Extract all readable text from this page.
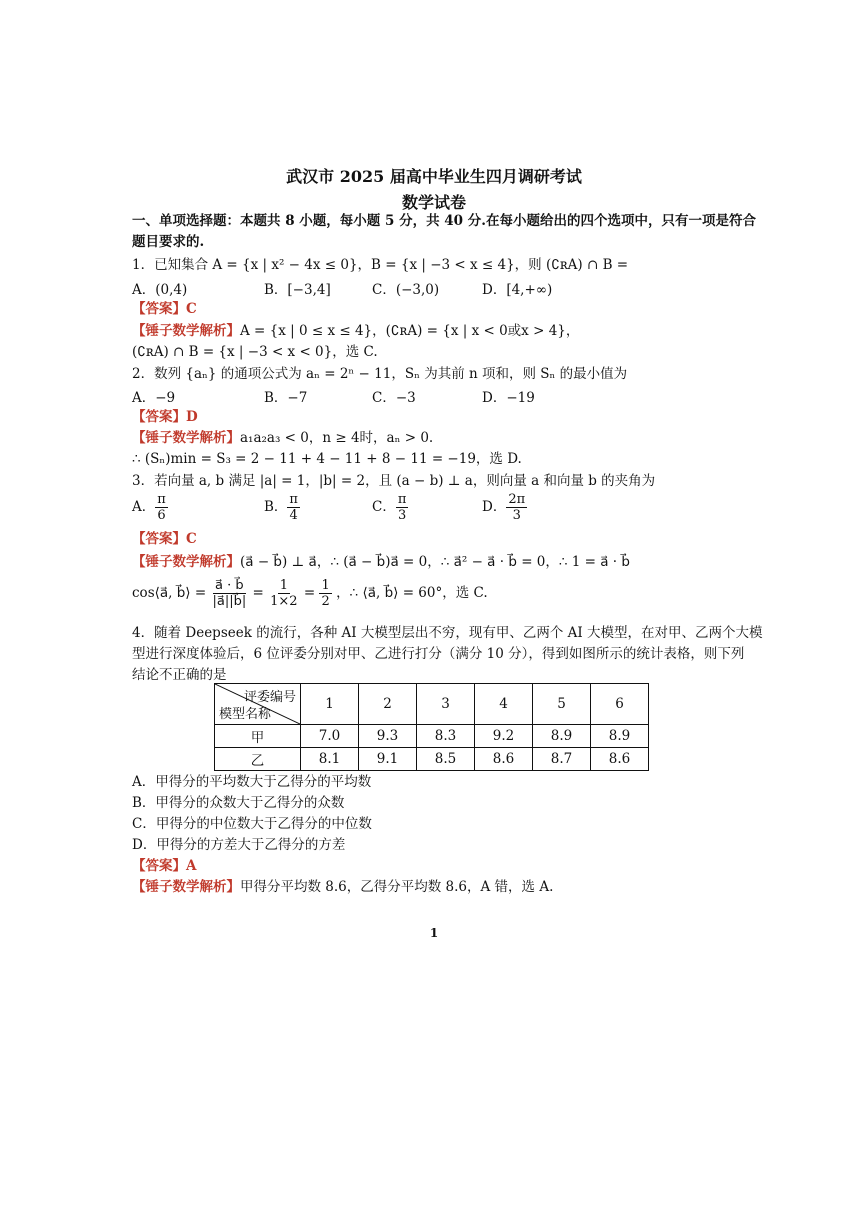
武汉市 2025 届高中毕业生四月调研考试
数学试卷
一、单项选择题：本题共 8 小题，每小题 5 分，共 40 分.在每小题给出的四个选项中，只有一项是符合
题目要求的.
1．已知集合 A = {x | x² − 4x ≤ 0}，B = {x | −3 < x ≤ 4}，则 (∁ʀA) ∩ B =
A．(0,4)	B．[−3,4]	C．(−3,0)	D．[4,+∞)
【答案】C
【锤子数学解析】A = {x | 0 ≤ x ≤ 4}，(∁ʀA) = {x | x < 0或x > 4}，
(∁ʀA) ∩ B = {x | −3 < x < 0}，选 C.
2．数列 {aₙ} 的通项公式为 aₙ = 2ⁿ − 11，Sₙ 为其前 n 项和，则 Sₙ 的最小值为
A．−9	B．−7	C．−3	D．−19
【答案】D
【锤子数学解析】a₁a₂a₃ < 0，n ≥ 4时，aₙ > 0.
∴ (Sₙ)min = S₃ = 2 − 11 + 4 − 11 + 8 − 11 = −19，选 D.
3．若向量 a, b 满足 |a| = 1，|b| = 2，且 (a − b) ⊥ a，则向量 a 和向量 b 的夹角为
A． $\frac{\pi}{6}$	B． $\frac{\pi}{4}$	C． $\frac{\pi}{3}$	D． $\frac{2\pi}{3}$
【答案】C
【锤子数学解析】(a⃗ − b⃗) ⊥ a⃗，∴ (a⃗ − b⃗)a⃗ = 0，∴ a⃗² − a⃗ · b⃗ = 0，∴ 1 = a⃗ · b⃗
cos⟨a⃗, b⃗⟩ = $\frac{a⃗ \cdot b⃗}{|a⃗||b⃗|} = \frac{1}{1\times 2} = \frac{1}{2}$ ，∴ ⟨a⃗, b⃗⟩ = 60°，选 C.
4．随着 Deepseek 的流行，各种 AI 大模型层出不穷，现有甲、乙两个 AI 大模型，在对甲、乙两个大模
型进行深度体验后，6 位评委分别对甲、乙进行打分（满分 10 分），得到如图所示的统计表格，则下列
结论不正确的是
评委编号
模型名称	1	2	3	4	5	6
甲	7.0	9.3	8.3	9.2	8.9	8.9
乙	8.1	9.1	8.5	8.6	8.7	8.6
A．甲得分的平均数大于乙得分的平均数
B．甲得分的众数大于乙得分的众数
C．甲得分的中位数大于乙得分的中位数
D．甲得分的方差大于乙得分的方差
【答案】A
【锤子数学解析】甲得分平均数 8.6，乙得分平均数 8.6，A 错，选 A.
1
